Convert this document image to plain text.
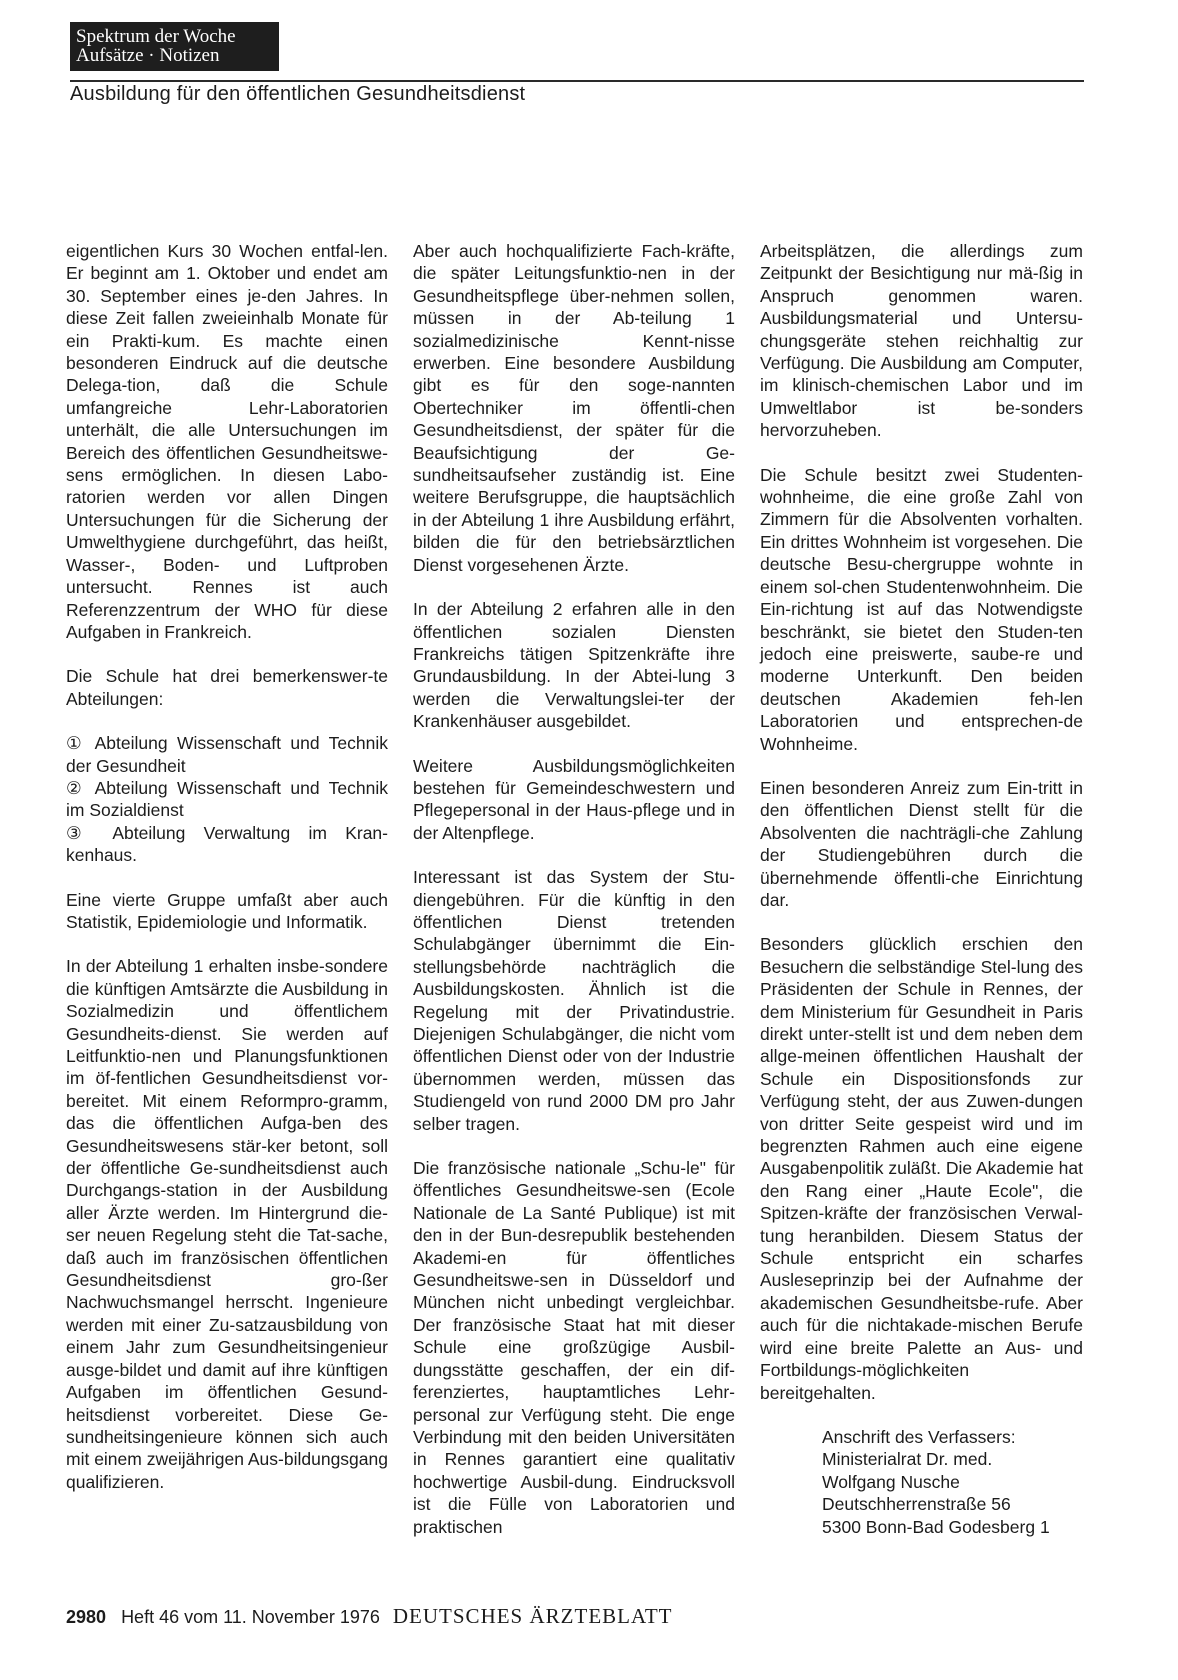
Spektrum der Woche
Aufsätze · Notizen
Ausbildung für den öffentlichen Gesundheitsdienst

eigentlichen Kurs 30 Wochen entfal-len. Er beginnt am 1. Oktober und endet am 30. September eines je-den Jahres. In diese Zeit fallen zweieinhalb Monate für ein Prakti-kum. Es machte einen besonderen Eindruck auf die deutsche Delega-tion, daß die Schule umfangreiche Lehr-Laboratorien unterhält, die alle Untersuchungen im Bereich des öffentlichen Gesundheitswe-sens ermöglichen. In diesen Labo-ratorien werden vor allen Dingen Untersuchungen für die Sicherung der Umwelthygiene durchgeführt, das heißt, Wasser-, Boden- und Luftproben untersucht. Rennes ist auch Referenzzentrum der WHO für diese Aufgaben in Frankreich.

Die Schule hat drei bemerkenswer-te Abteilungen:

① Abteilung Wissenschaft und Technik der Gesundheit
② Abteilung Wissenschaft und Technik im Sozialdienst
③ Abteilung Verwaltung im Kran-kenhaus.

Eine vierte Gruppe umfaßt aber auch Statistik, Epidemiologie und Informatik.

In der Abteilung 1 erhalten insbe-sondere die künftigen Amtsärzte die Ausbildung in Sozialmedizin und öffentlichem Gesundheits-dienst. Sie werden auf Leitfunktio-nen und Planungsfunktionen im öf-fentlichen Gesundheitsdienst vor-bereitet. Mit einem Reformpro-gramm, das die öffentlichen Aufga-ben des Gesundheitswesens stär-ker betont, soll der öffentliche Ge-sundheitsdienst auch Durchgangs-station in der Ausbildung aller Ärzte werden. Im Hintergrund die-ser neuen Regelung steht die Tat-sache, daß auch im französischen öffentlichen Gesundheitsdienst gro-ßer Nachwuchsmangel herrscht. Ingenieure werden mit einer Zu-satzausbildung von einem Jahr zum Gesundheitsingenieur ausge-bildet und damit auf ihre künftigen Aufgaben im öffentlichen Gesund-heitsdienst vorbereitet. Diese Ge-sundheitsingenieure können sich auch mit einem zweijährigen Aus-bildungsgang qualifizieren.

Aber auch hochqualifizierte Fach-kräfte, die später Leitungsfunktio-nen in der Gesundheitspflege über-nehmen sollen, müssen in der Ab-teilung 1 sozialmedizinische Kennt-nisse erwerben. Eine besondere Ausbildung gibt es für den soge-nannten Obertechniker im öffentli-chen Gesundheitsdienst, der später für die Beaufsichtigung der Ge-sundheitsaufseher zuständig ist. Eine weitere Berufsgruppe, die hauptsächlich in der Abteilung 1 ihre Ausbildung erfährt, bilden die für den betriebsärztlichen Dienst vorgesehenen Ärzte.

In der Abteilung 2 erfahren alle in den öffentlichen sozialen Diensten Frankreichs tätigen Spitzenkräfte ihre Grundausbildung. In der Abtei-lung 3 werden die Verwaltungslei-ter der Krankenhäuser ausgebildet.

Weitere Ausbildungsmöglichkeiten bestehen für Gemeindeschwestern und Pflegepersonal in der Haus-pflege und in der Altenpflege.

Interessant ist das System der Stu-diengebühren. Für die künftig in den öffentlichen Dienst tretenden Schulabgänger übernimmt die Ein-stellungsbehörde nachträglich die Ausbildungskosten. Ähnlich ist die Regelung mit der Privatindustrie. Diejenigen Schulabgänger, die nicht vom öffentlichen Dienst oder von der Industrie übernommen werden, müssen das Studiengeld von rund 2000 DM pro Jahr selber tragen.

Die französische nationale „Schu-le" für öffentliches Gesundheitswe-sen (Ecole Nationale de La Santé Publique) ist mit den in der Bun-desrepublik bestehenden Akademi-en für öffentliches Gesundheitswe-sen in Düsseldorf und München nicht unbedingt vergleichbar. Der französische Staat hat mit dieser Schule eine großzügige Ausbil-dungsstätte geschaffen, der ein dif-ferenziertes, hauptamtliches Lehr-personal zur Verfügung steht. Die enge Verbindung mit den beiden Universitäten in Rennes garantiert eine qualitativ hochwertige Ausbil-dung. Eindrucksvoll ist die Fülle von Laboratorien und praktischen

Arbeitsplätzen, die allerdings zum Zeitpunkt der Besichtigung nur mä-ßig in Anspruch genommen waren. Ausbildungsmaterial und Untersu-chungsgeräte stehen reichhaltig zur Verfügung. Die Ausbildung am Computer, im klinisch-chemischen Labor und im Umweltlabor ist be-sonders hervorzuheben.

Die Schule besitzt zwei Studenten-wohnheime, die eine große Zahl von Zimmern für die Absolventen vorhalten. Ein drittes Wohnheim ist vorgesehen. Die deutsche Besu-chergruppe wohnte in einem sol-chen Studentenwohnheim. Die Ein-richtung ist auf das Notwendigste beschränkt, sie bietet den Studen-ten jedoch eine preiswerte, saube-re und moderne Unterkunft. Den beiden deutschen Akademien feh-len Laboratorien und entsprechen-de Wohnheime.

Einen besonderen Anreiz zum Ein-tritt in den öffentlichen Dienst stellt für die Absolventen die nachträgli-che Zahlung der Studiengebühren durch die übernehmende öffentli-che Einrichtung dar.

Besonders glücklich erschien den Besuchern die selbständige Stel-lung des Präsidenten der Schule in Rennes, der dem Ministerium für Gesundheit in Paris direkt unter-stellt ist und dem neben dem allge-meinen öffentlichen Haushalt der Schule ein Dispositionsfonds zur Verfügung steht, der aus Zuwen-dungen von dritter Seite gespeist wird und im begrenzten Rahmen auch eine eigene Ausgabenpolitik zuläßt. Die Akademie hat den Rang einer „Haute Ecole", die Spitzen-kräfte der französischen Verwal-tung heranbilden. Diesem Status der Schule entspricht ein scharfes Ausleseprinzip bei der Aufnahme der akademischen Gesundheitsbe-rufe. Aber auch für die nichtakade-mischen Berufe wird eine breite Palette an Aus- und Fortbildungs-möglichkeiten bereitgehalten.

Anschrift des Verfassers:
Ministerialrat Dr. med.
Wolfgang Nusche
Deutschherrenstraße 56
5300 Bonn-Bad Godesberg 1
2980 Heft 46 vom 11. November 1976 DEUTSCHES ÄRZTEBLATT
